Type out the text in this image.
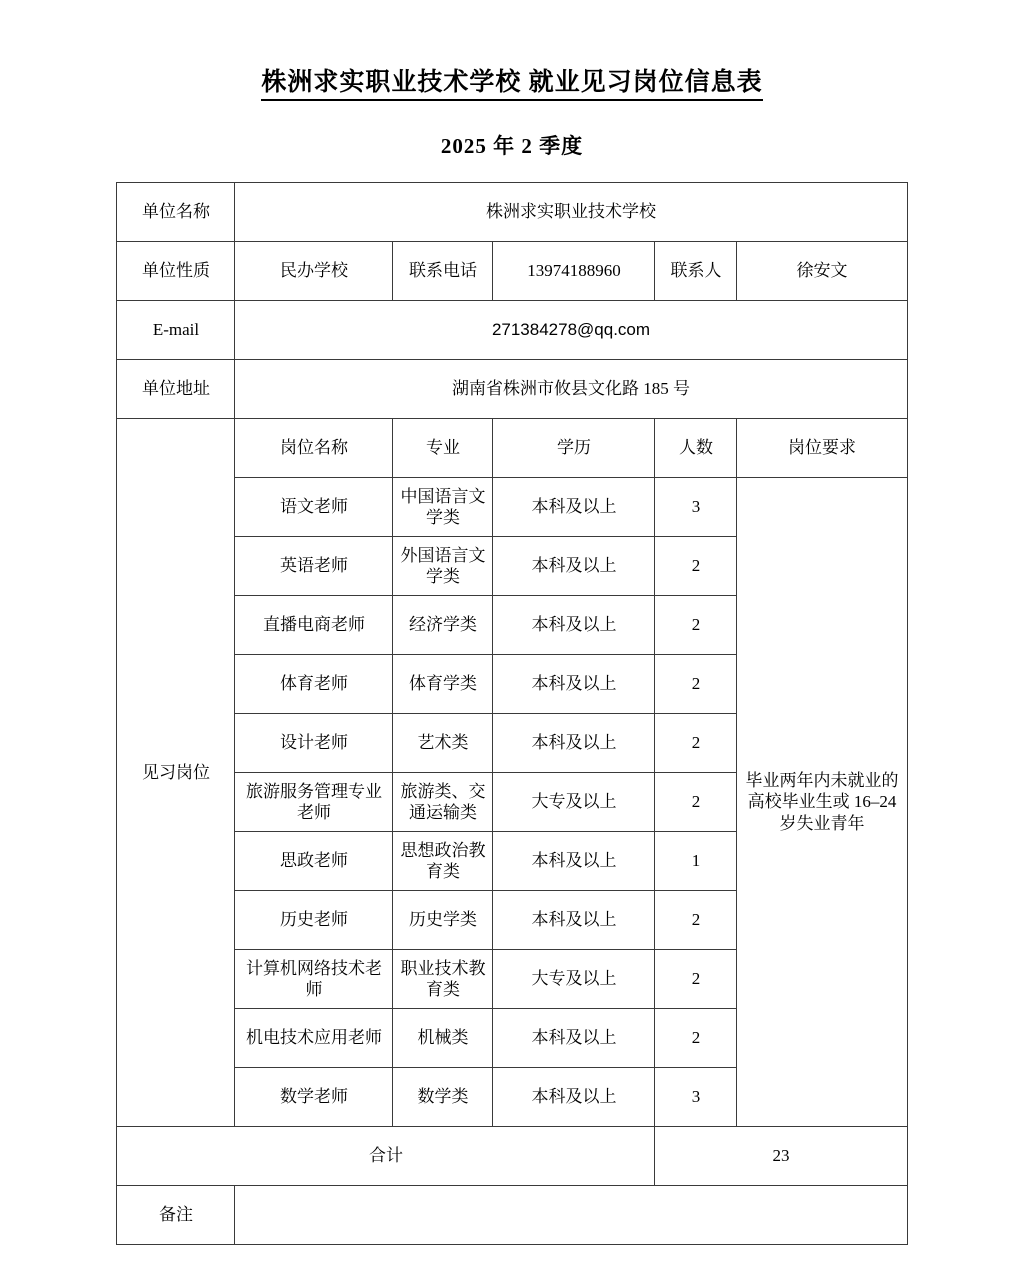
株洲求实职业技术学校 就业见习岗位信息表
2025 年 2 季度
单位名称	株洲求实职业技术学校				
单位性质	民办学校	联系电话	13974188960	联系人	徐安文
E-mail	271384278@qq.com				
单位地址	湖南省株洲市攸县文化路 185 号				
见习岗位	岗位名称	专业	学历	人数	岗位要求
	语文老师	中国语言文学类	本科及以上	3	毕业两年内未就业的高校毕业生或 16–24 岁失业青年
	英语老师	外国语言文学类	本科及以上	2	
	直播电商老师	经济学类	本科及以上	2	
	体育老师	体育学类	本科及以上	2	
	设计老师	艺术类	本科及以上	2	
	旅游服务管理专业老师	旅游类、交通运输类	大专及以上	2	
	思政老师	思想政治教育类	本科及以上	1	
	历史老师	历史学类	本科及以上	2	
	计算机网络技术老师	职业技术教育类	大专及以上	2	
	机电技术应用老师	机械类	本科及以上	2	
	数学老师	数学类	本科及以上	3	
合计				23	
备注					
